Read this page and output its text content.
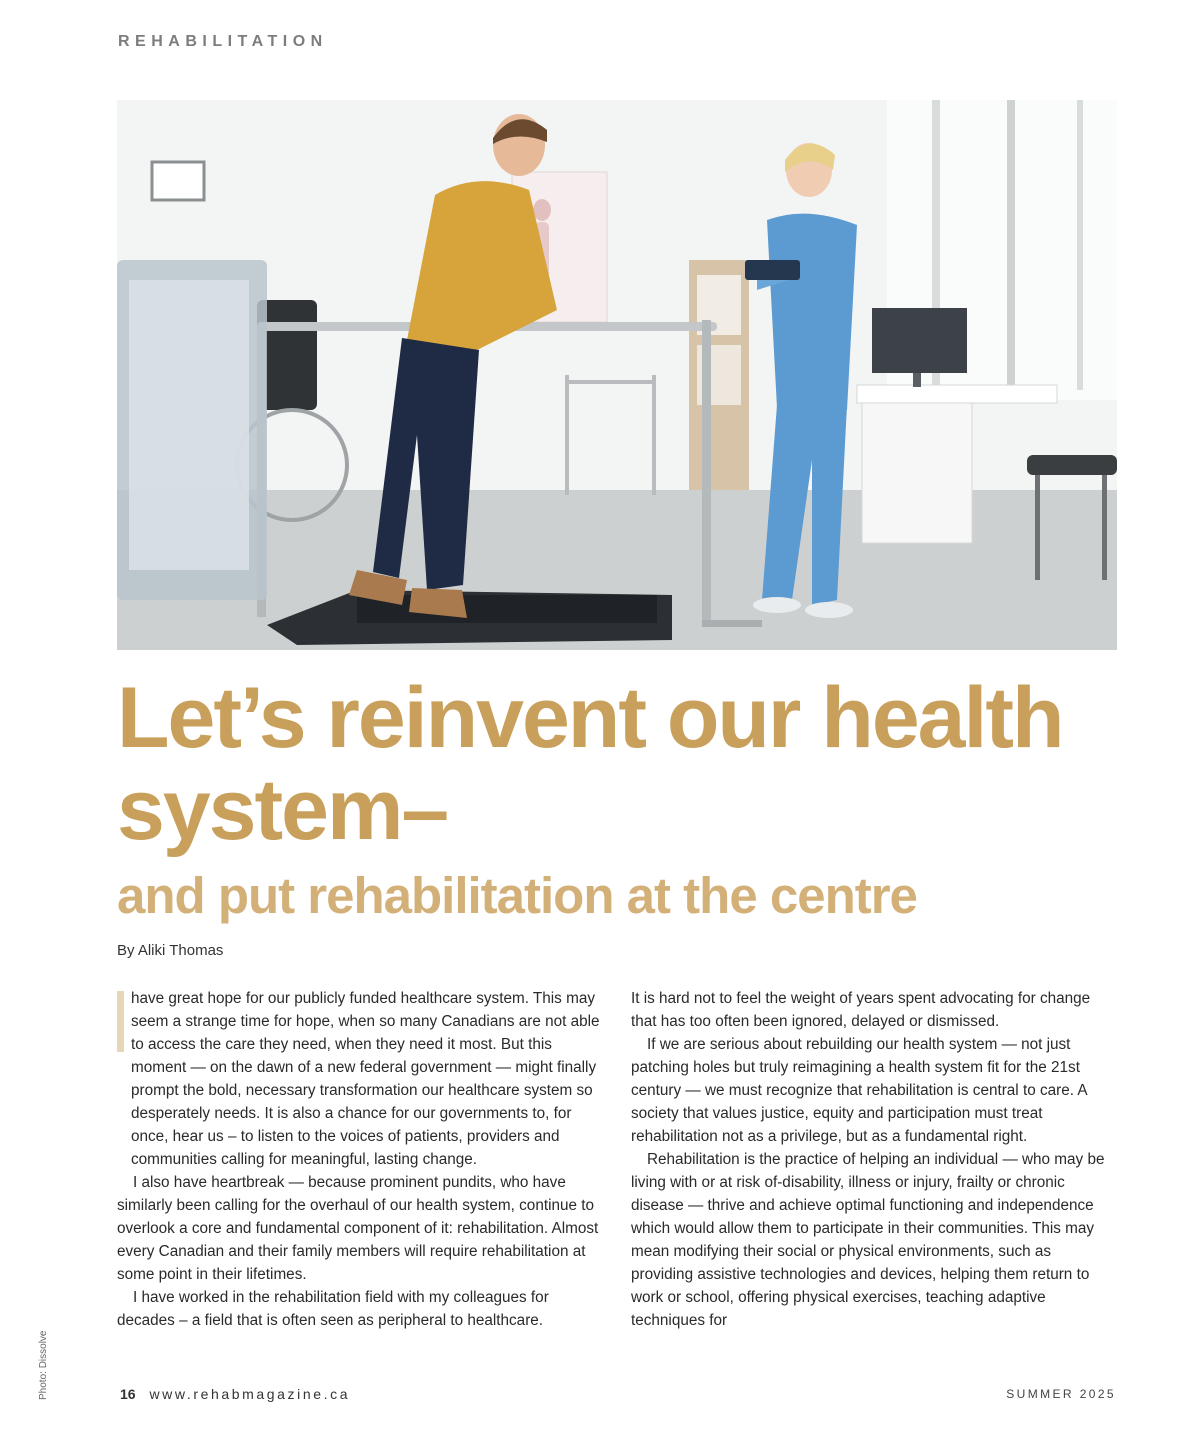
REHABILITATION
Let’s reinvent our health system–
and put rehabilitation at the centre
By Aliki Thomas

have great hope for our publicly funded healthcare system. This may seem a strange time for hope, when so many Canadians are not able to access the care they need, when they need it most. But this moment — on the dawn of a new federal government — might finally prompt the bold, necessary transformation our healthcare system so desperately needs. It is also a chance for our governments to, for once, hear us – to listen to the voices of patients, providers and communities calling for meaningful, lasting change.

I also have heartbreak — because prominent pundits, who have similarly been calling for the overhaul of our health system, continue to overlook a core and fundamental component of it: rehabilitation. Almost every Canadian and their family members will require rehabilitation at some point in their lifetimes.

I have worked in the rehabilitation field with my colleagues for decades – a field that is often seen as peripheral to healthcare.

It is hard not to feel the weight of years spent advocating for change that has too often been ignored, delayed or dismissed.

If we are serious about rebuilding our health system — not just patching holes but truly reimagining a health system fit for the 21st century — we must recognize that rehabilitation is central to care. A society that values justice, equity and participation must treat rehabilitation not as a privilege, but as a fundamental right.

Rehabilitation is the practice of helping an individual — who may be living with or at risk of-disability, illness or injury, frailty or chronic disease — thrive and achieve optimal functioning and independence which would allow them to participate in their communities. This may mean modifying their social or physical environments, such as providing assistive technologies and devices, helping them return to work or school, offering physical exercises, teaching adaptive techniques for

Photo: Dissolve	16 www.rehabmagazine.ca	SUMMER 2025
